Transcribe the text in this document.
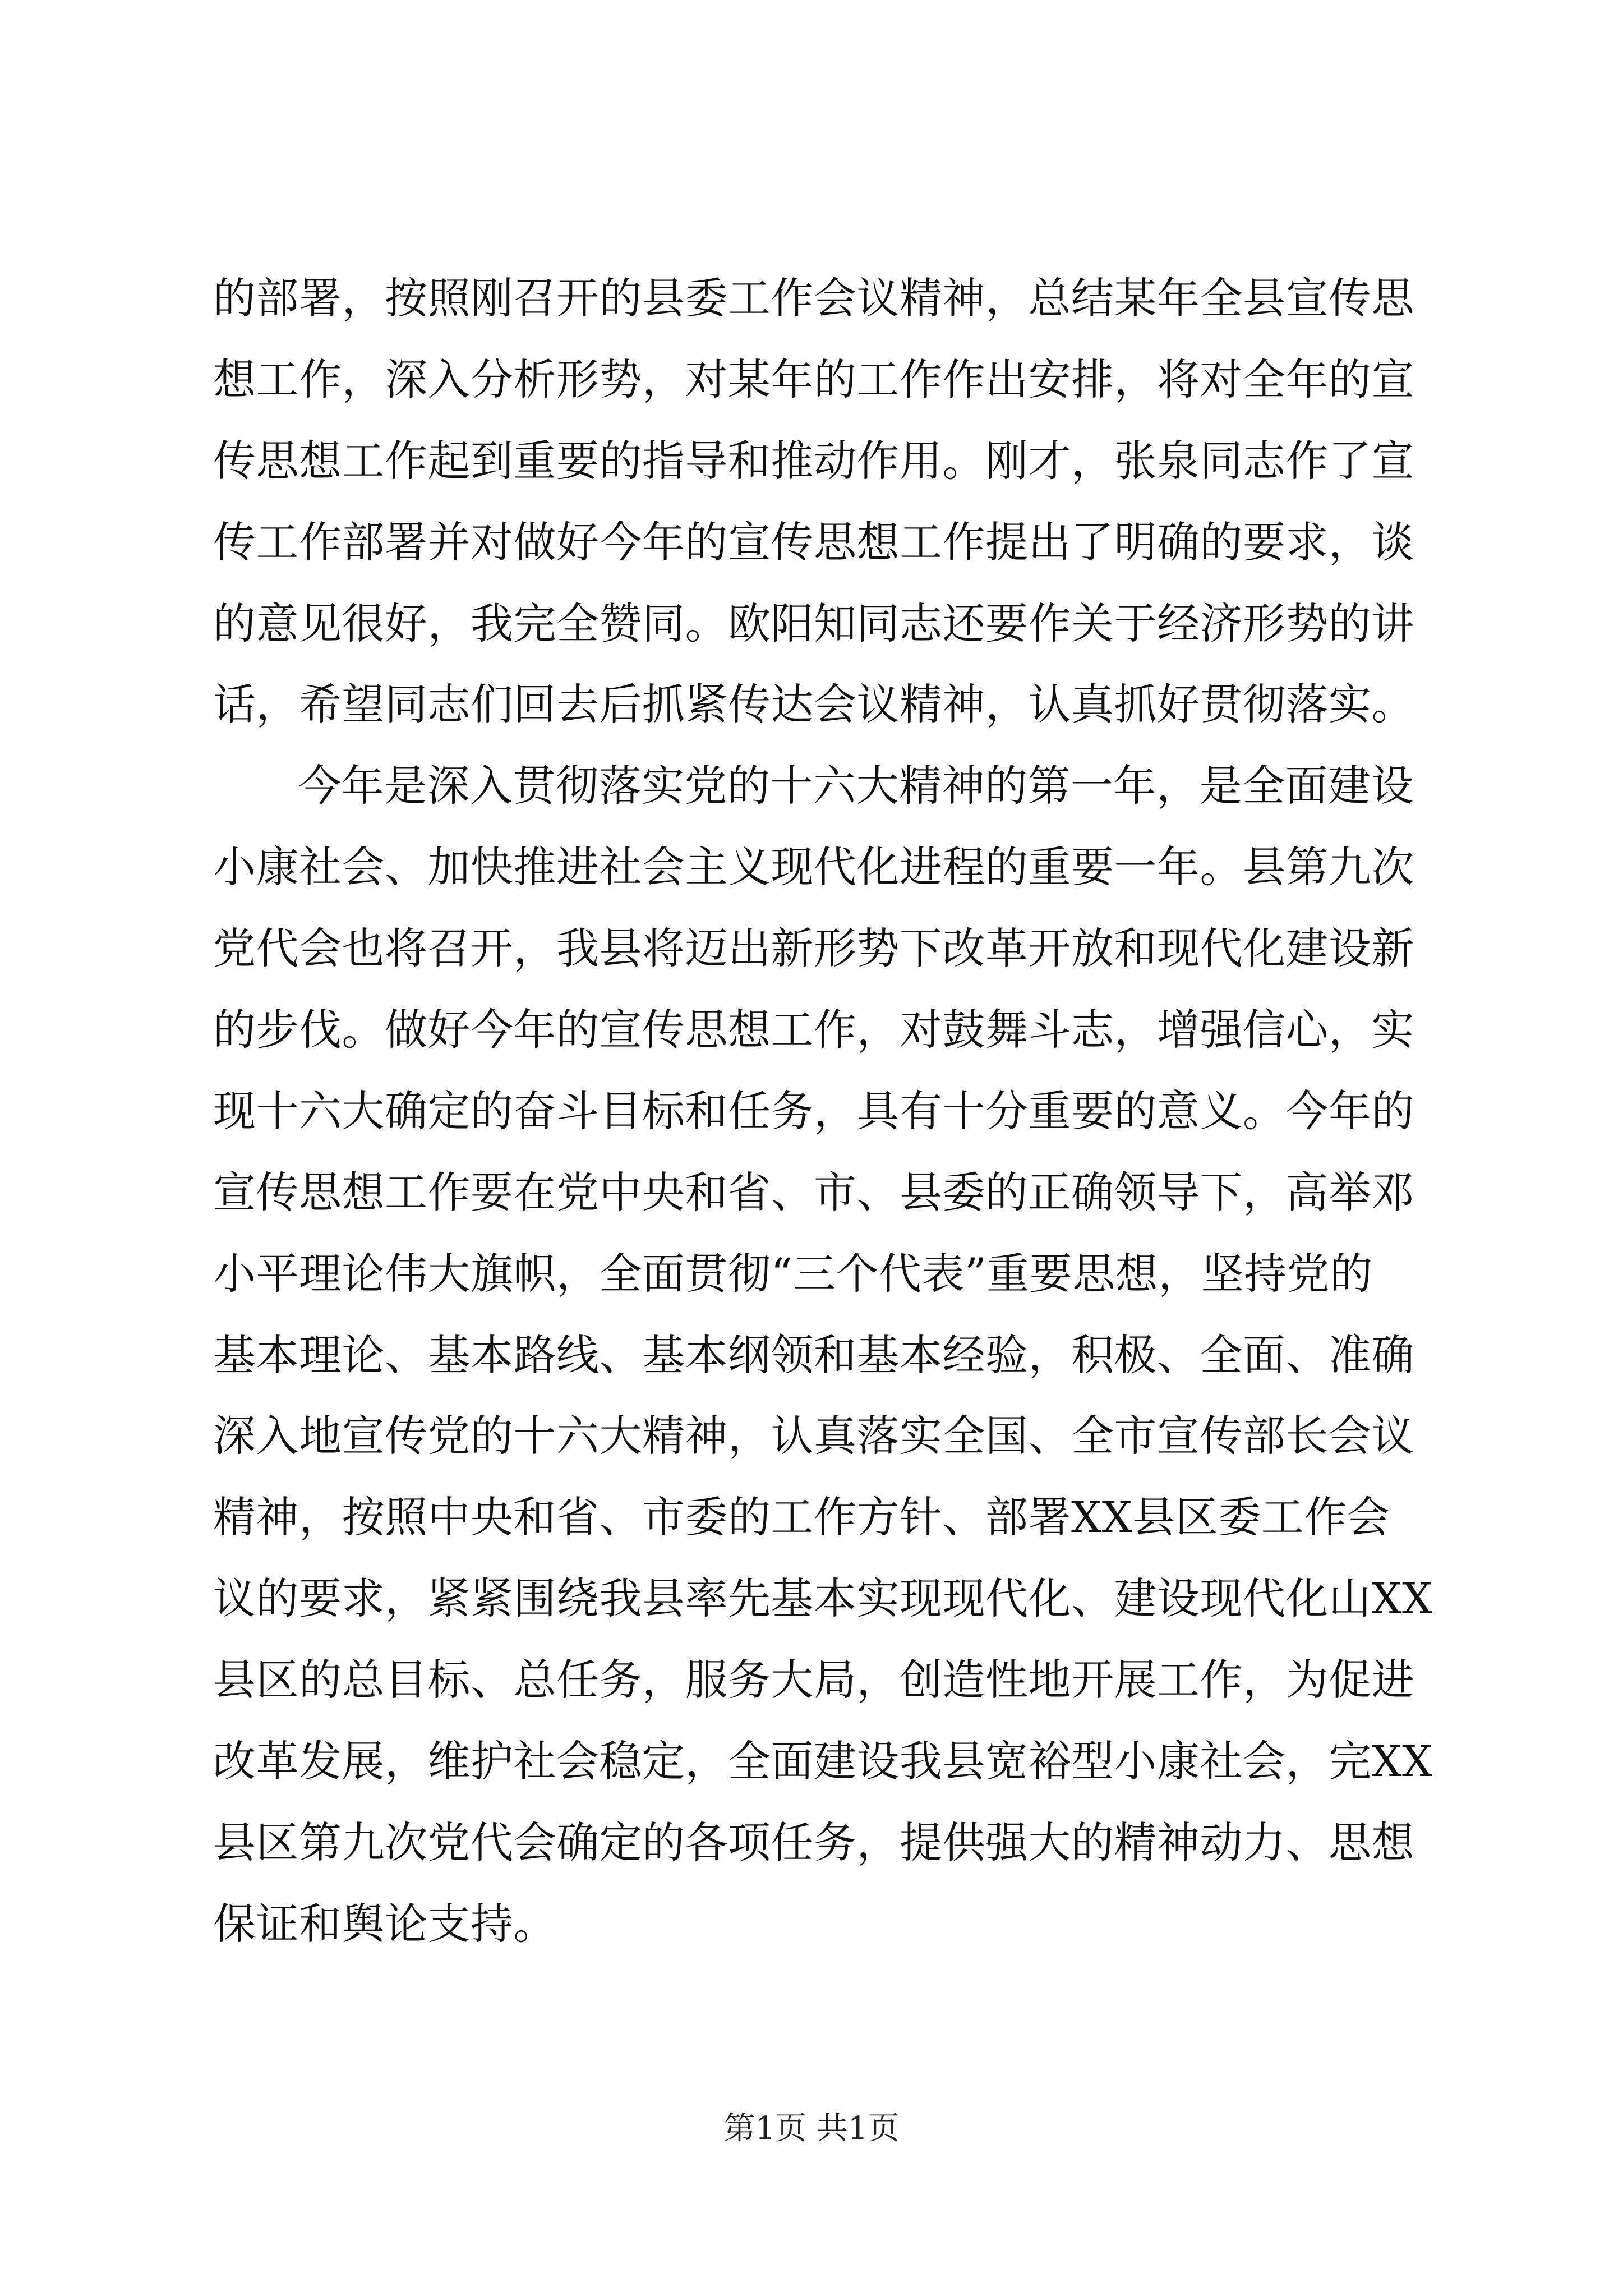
的部署，按照刚召开的县委工作会议精神，总结某年全县宣传思
想工作，深入分析形势，对某年的工作作出安排，将对全年的宣
传思想工作起到重要的指导和推动作用。刚才，张泉同志作了宣
传工作部署并对做好今年的宣传思想工作提出了明确的要求，谈
的意见很好，我完全赞同。欧阳知同志还要作关于经济形势的讲
话，希望同志们回去后抓紧传达会议精神，认真抓好贯彻落实。
今年是深入贯彻落实党的十六大精神的第一年，是全面建设
小康社会、加快推进社会主义现代化进程的重要一年。县第九次
党代会也将召开，我县将迈出新形势下改革开放和现代化建设新
的步伐。做好今年的宣传思想工作，对鼓舞斗志，增强信心，实
现十六大确定的奋斗目标和任务，具有十分重要的意义。今年的
宣传思想工作要在党中央和省、市、县委的正确领导下，高举邓
小平理论伟大旗帜，全面贯彻“三个代表”重要思想，坚持党的
基本理论、基本路线、基本纲领和基本经验，积极、全面、准确
深入地宣传党的十六大精神，认真落实全国、全市宣传部长会议
精神，按照中央和省、市委的工作方针、部署XX县区委工作会
议的要求，紧紧围绕我县率先基本实现现代化、建设现代化山XX
县区的总目标、总任务，服务大局，创造性地开展工作，为促进
改革发展，维护社会稳定，全面建设我县宽裕型小康社会，完XX
县区第九次党代会确定的各项任务，提供强大的精神动力、思想
保证和舆论支持。
第1页 共1页
